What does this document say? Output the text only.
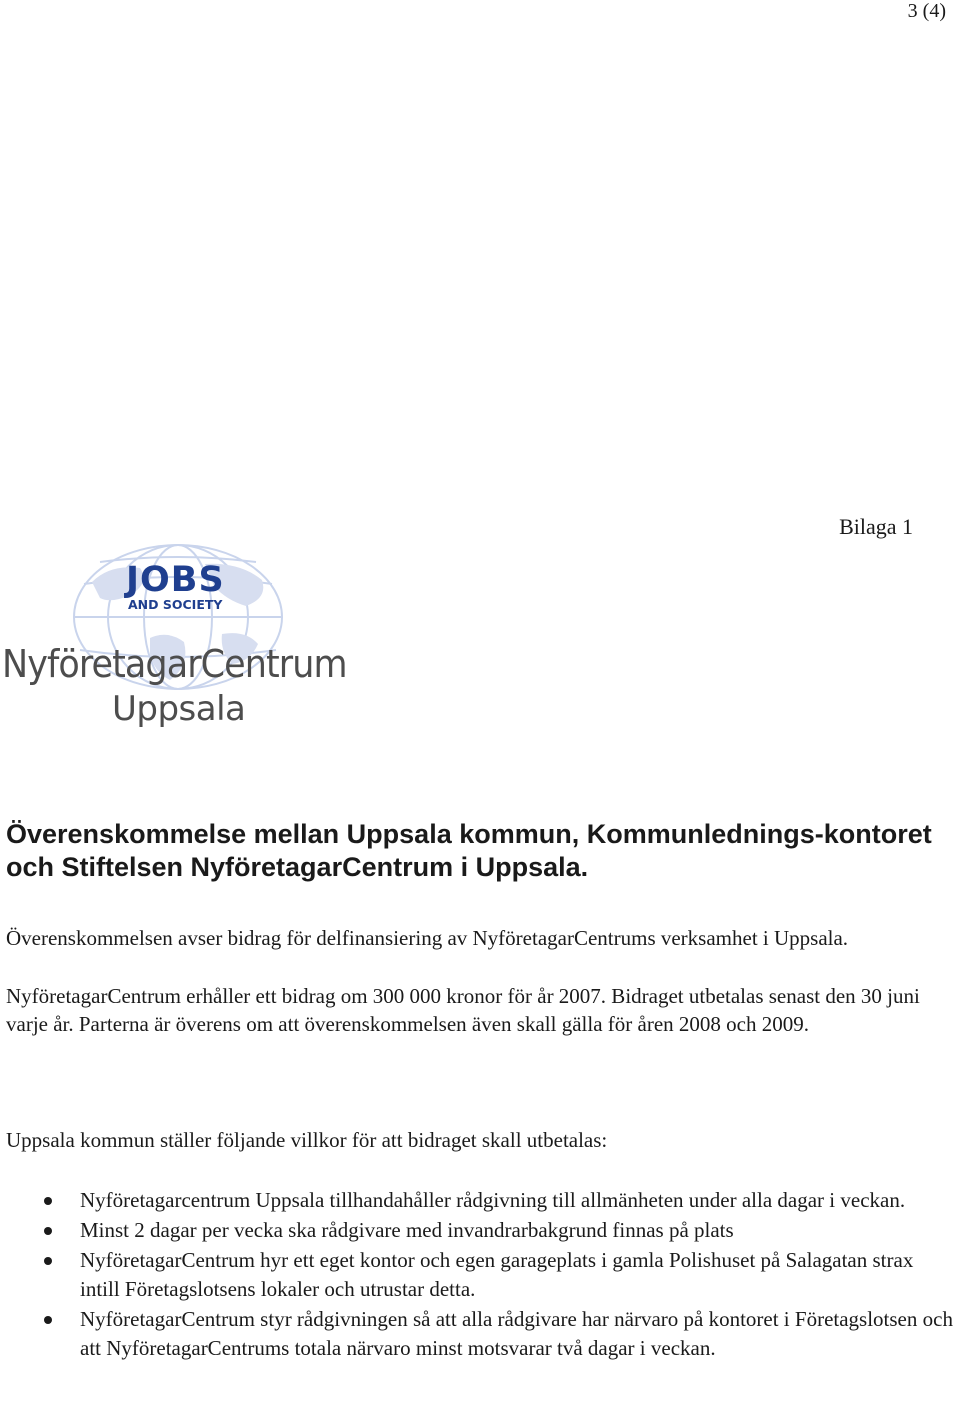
3 (4)
Bilaga 1
JOBS
AND SOCIETY
NyföretagarCentrum
Uppsala
Överenskommelse mellan Uppsala kommun, Kommunlednings-kontoret och Stiftelsen NyföretagarCentrum i Uppsala.

Överenskommelsen avser bidrag för delfinansiering av NyföretagarCentrums verksamhet i Uppsala.

NyföretagarCentrum erhåller ett bidrag om 300 000 kronor för år 2007. Bidraget utbetalas senast den 30 juni varje år. Parterna är överens om att överenskommelsen även skall gälla för åren 2008 och 2009.

Uppsala kommun ställer följande villkor för att bidraget skall utbetalas:

Nyföretagarcentrum Uppsala tillhandahåller rådgivning till allmänheten under alla dagar i veckan.
Minst 2 dagar per vecka ska rådgivare med invandrarbakgrund finnas på plats
NyföretagarCentrum hyr ett eget kontor och egen garageplats i gamla Polishuset på Salagatan strax intill Företagslotsens lokaler och utrustar detta.
NyföretagarCentrum styr rådgivningen så att alla rådgivare har närvaro på kontoret i Företagslotsen och att NyföretagarCentrums totala närvaro minst motsvarar två dagar i veckan.
